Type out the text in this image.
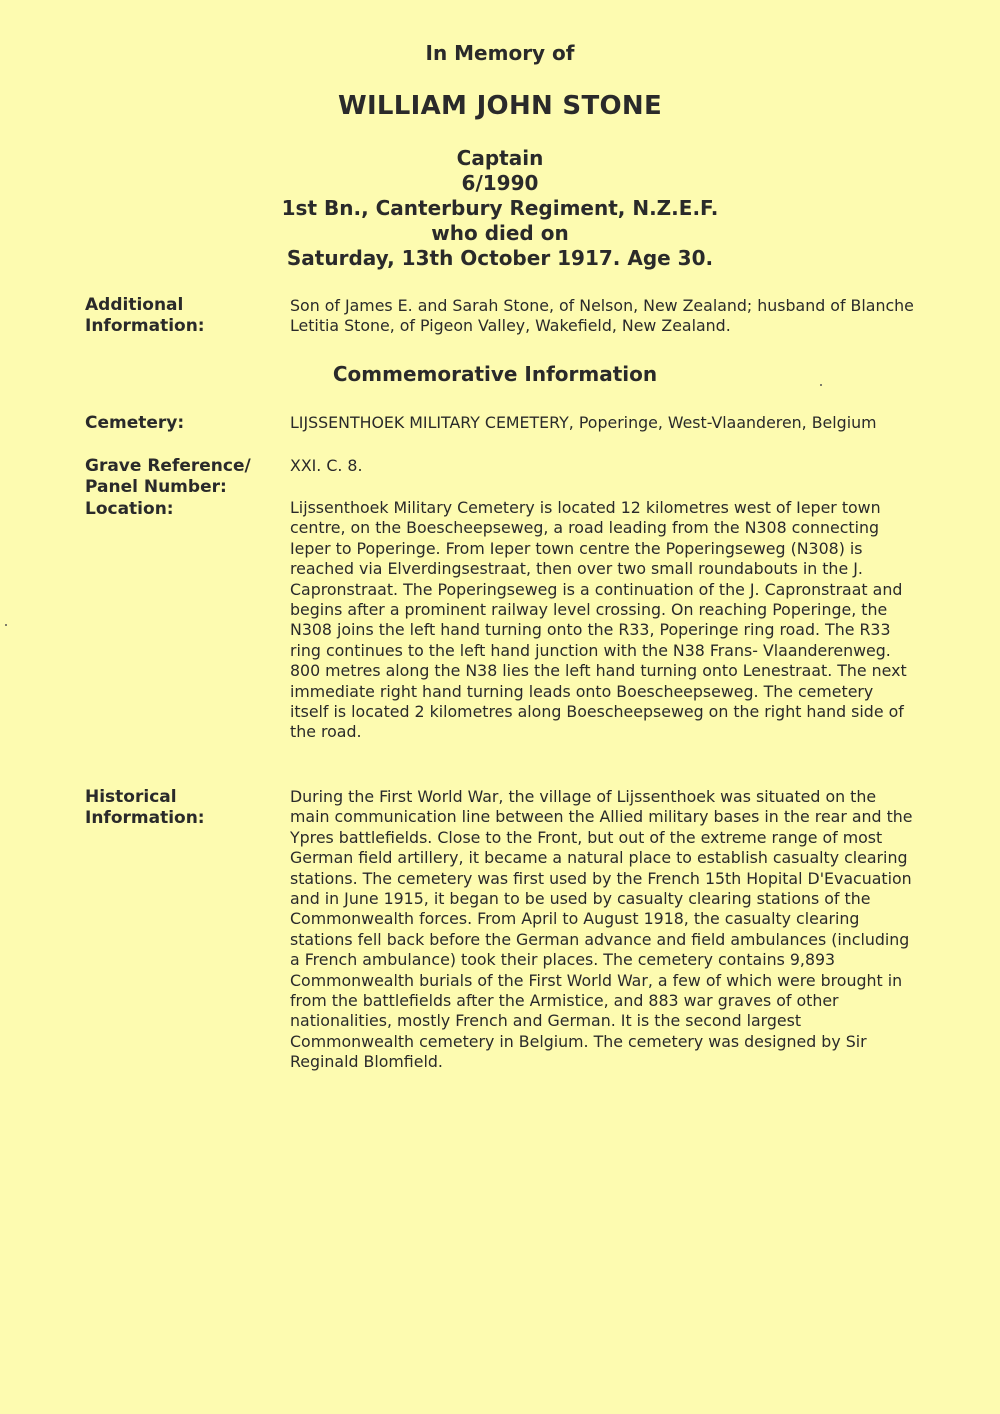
In Memory of
WILLIAM JOHN STONE
Captain
6/1990
1st Bn., Canterbury Regiment, N.Z.E.F.
who died on
Saturday, 13th October 1917. Age 30.
Additional
Information:
Son of James E. and Sarah Stone, of Nelson, New Zealand; husband of Blanche Letitia Stone, of Pigeon Valley, Wakefield, New Zealand.
Commemorative Information
Cemetery:	LIJSSENTHOEK MILITARY CEMETERY, Poperinge, West-Vlaanderen, Belgium
Grave Reference/
Panel Number:
XXI. C. 8.
Location:	Lijssenthoek Military Cemetery is located 12 kilometres west of Ieper town centre, on the Boescheepseweg, a road leading from the N308 connecting Ieper to Poperinge. From Ieper town centre the Poperingseweg (N308) is reached via Elverdingsestraat, then over two small roundabouts in the J. Capronstraat. The Poperingseweg is a continuation of the J. Capronstraat and begins after a prominent railway level crossing. On reaching Poperinge, the N308 joins the left hand turning onto the R33, Poperinge ring road. The R33 ring continues to the left hand junction with the N38 Frans- Vlaanderenweg. 800 metres along the N38 lies the left hand turning onto Lenestraat. The next immediate right hand turning leads onto Boescheepseweg. The cemetery itself is located 2 kilometres along Boescheepseweg on the right hand side of the road.
Historical
Information:
During the First World War, the village of Lijssenthoek was situated on the main communication line between the Allied military bases in the rear and the Ypres battlefields. Close to the Front, but out of the extreme range of most German field artillery, it became a natural place to establish casualty clearing stations. The cemetery was first used by the French 15th Hopital D'Evacuation and in June 1915, it began to be used by casualty clearing stations of the Commonwealth forces. From April to August 1918, the casualty clearing stations fell back before the German advance and field ambulances (including a French ambulance) took their places. The cemetery contains 9,893 Commonwealth burials of the First World War, a few of which were brought in from the battlefields after the Armistice, and 883 war graves of other nationalities, mostly French and German. It is the second largest Commonwealth cemetery in Belgium. The cemetery was designed by Sir Reginald Blomfield.
